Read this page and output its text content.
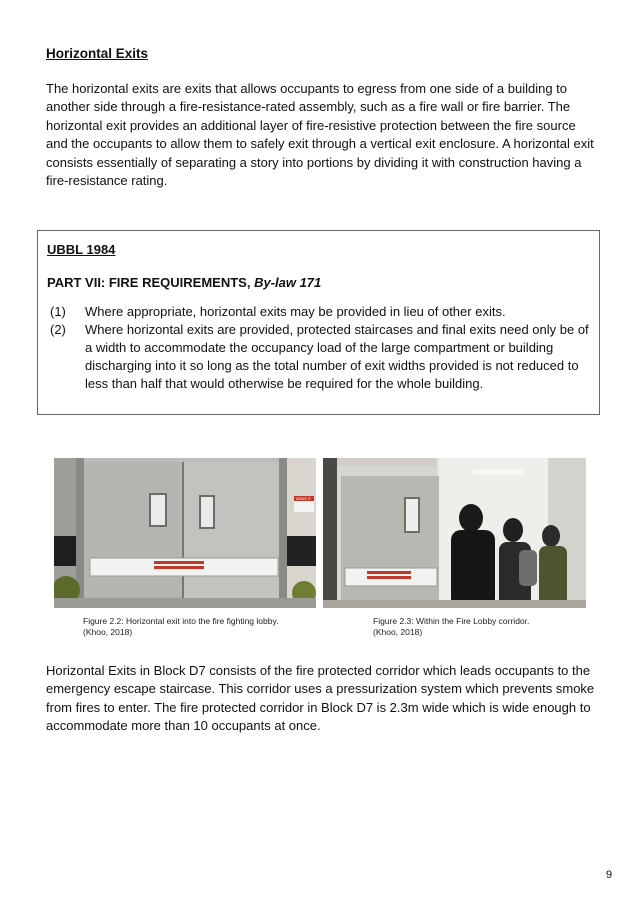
Horizontal Exits
The horizontal exits are exits that allows occupants to egress from one side of a building to another side through a fire-resistance-rated assembly, such as a fire wall or fire barrier. The horizontal exit provides an additional layer of fire-resistive protection between the fire source and the occupants to allow them to safely exit through a vertical exit enclosure. A horizontal exit consists essentially of separating a story into portions by dividing it with construction having a fire-resistance rating.
UBBL 1984
PART VII: FIRE REQUIREMENTS, By-law 171
(1) Where appropriate, horizontal exits may be provided in lieu of other exits.
(2) Where horizontal exits are provided, protected staircases and final exits need only be of a width to accommodate the occupancy load of the large compartment or building discharging into it so long as the total number of exit widths provided is not reduced to less than half that would otherwise be required for the whole building.
ARAS 3
Figure 2.2: Horizontal exit into the fire fighting lobby.
(Khoo, 2018)
Figure 2.3: Within the Fire Lobby corridor.
(Khoo, 2018)
Horizontal Exits in Block D7 consists of the fire protected corridor which leads occupants to the emergency escape staircase. This corridor uses a pressurization system which prevents smoke from fires to enter. The fire protected corridor in Block D7 is 2.3m wide which is wide enough to accommodate more than 10 occupants at once.
9
